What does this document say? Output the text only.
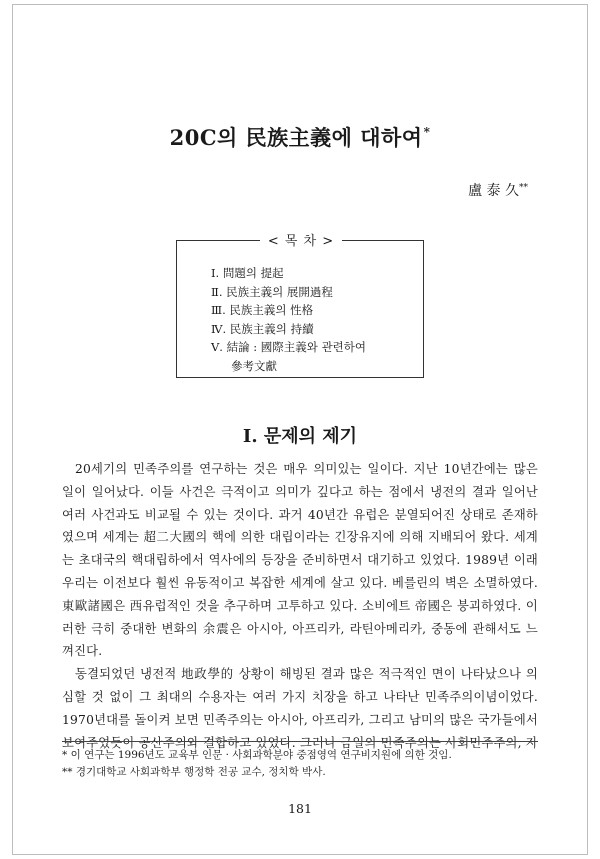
20C의 民族主義에 대하여*
盧 泰 久**
< 목 차 >
Ⅰ. 問題의 提起
Ⅱ. 民族主義의 展開過程
Ⅲ. 民族主義의 性格
Ⅳ. 民族主義의 持續
Ⅴ. 結論 : 國際主義와 관련하여
參考文獻
Ⅰ. 문제의 제기

20세기의 민족주의를 연구하는 것은 매우 의미있는 일이다. 지난 10년간에는 많은 일이 일어났다. 이들 사건은 극적이고 의미가 깊다고 하는 점에서 냉전의 결과 일어난 여러 사건과도 비교될 수 있는 것이다. 과거 40년간 유럽은 분열되어진 상태로 존재하였으며 세계는 超二大國의 핵에 의한 대립이라는 긴장유지에 의해 지배되어 왔다. 세계는 초대국의 핵대립하에서 역사에의 등장을 준비하면서 대기하고 있었다. 1989년 이래 우리는 이전보다 훨씬 유동적이고 복잡한 세계에 살고 있다. 베를린의 벽은 소멸하였다. 東歐諸國은 西유럽적인 것을 추구하며 고투하고 있다. 소비에트 帝國은 붕괴하였다. 이러한 극히 중대한 변화의 余震은 아시아, 아프리카, 라틴아메리카, 중동에 관해서도 느껴진다.

동결되었던 냉전적 地政學的 상황이 해빙된 결과 많은 적극적인 면이 나타났으나 의심할 것 없이 그 최대의 수용자는 여러 가지 치장을 하고 나타난 민족주의이념이었다. 1970년대를 돌이켜 보면 민족주의는 아시아, 아프리카, 그리고 남미의 많은 국가들에서 보여주었듯이 공산주의와 결합하고 있었다. 그러나 금일의 민족주의는 사회민주주의, 자

* 이 연구는 1996년도 교육부 인문 · 사회과학분야 중점영역 연구비지원에 의한 것임.
** 경기대학교 사회과학부 행정학 전공 교수, 정치학 박사.
181
